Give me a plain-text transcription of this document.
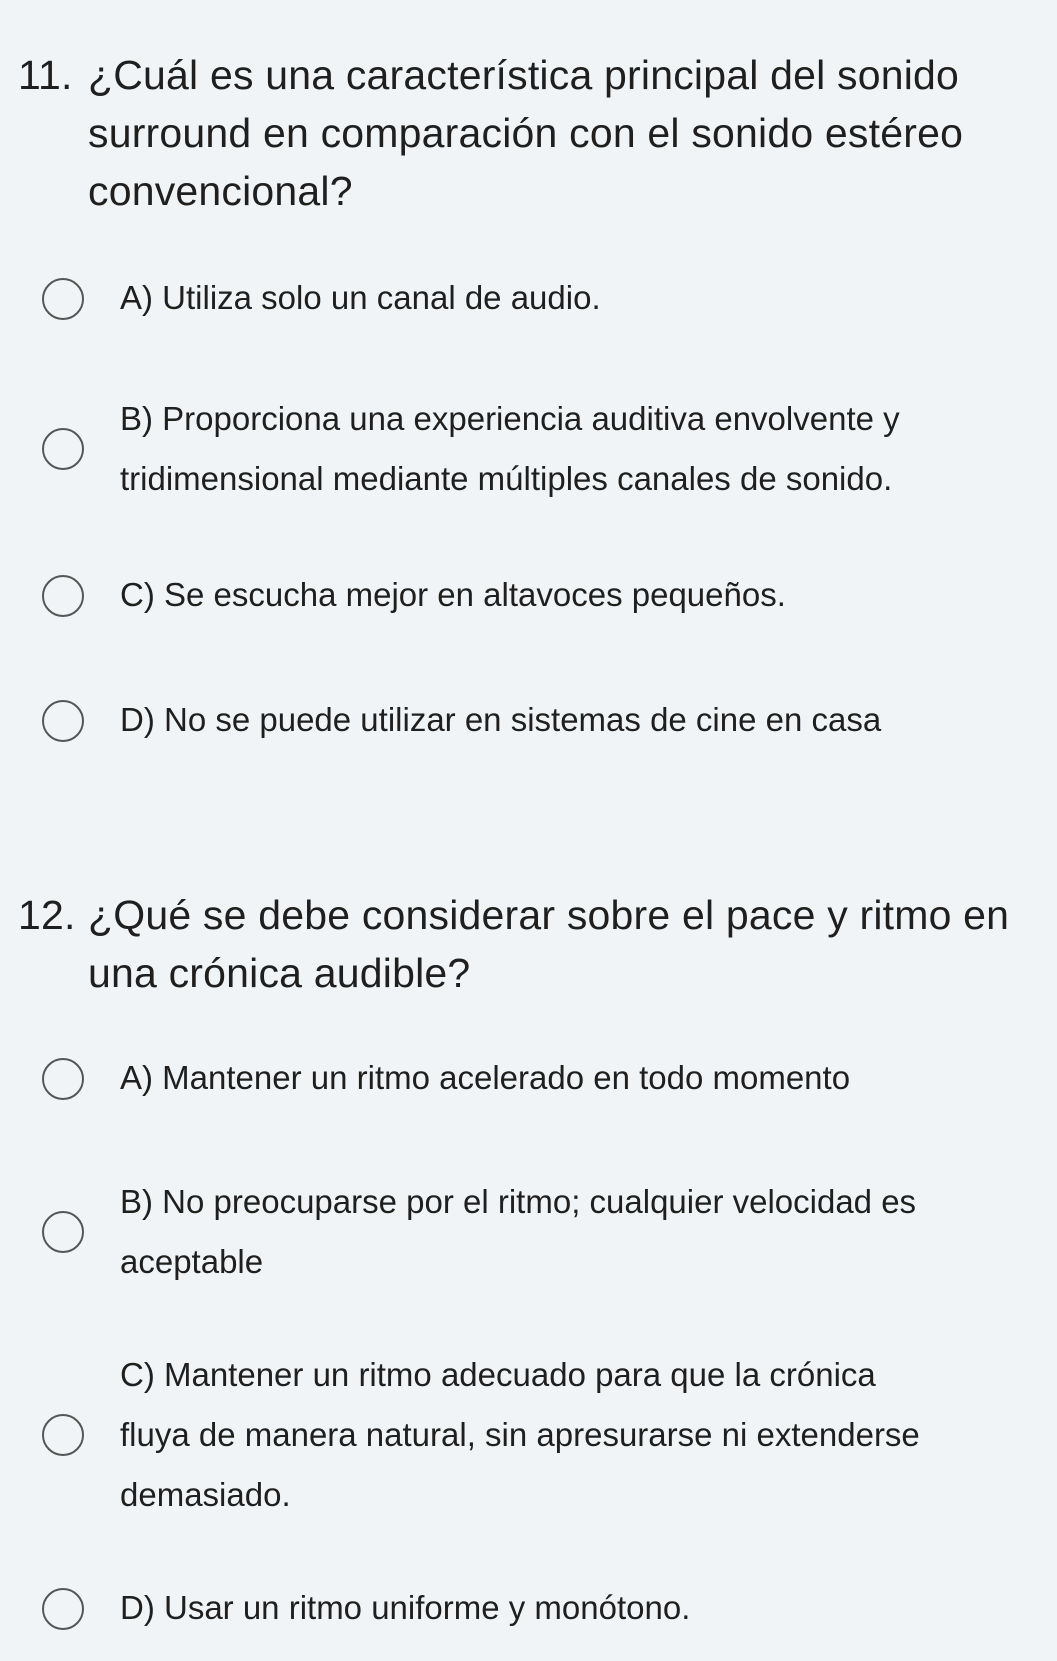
11. ¿Cuál es una característica principal del sonido
surround en comparación con el sonido estéreo
convencional?

A) Utiliza solo un canal de audio.

B) Proporciona una experiencia auditiva envolvente y
tridimensional mediante múltiples canales de sonido.

C) Se escucha mejor en altavoces pequeños.

D) No se puede utilizar en sistemas de cine en casa

12. ¿Qué se debe considerar sobre el pace y ritmo en
una crónica audible?

A) Mantener un ritmo acelerado en todo momento

B) No preocuparse por el ritmo; cualquier velocidad es
aceptable

C) Mantener un ritmo adecuado para que la crónica
fluya de manera natural, sin apresurarse ni extenderse
demasiado.

D) Usar un ritmo uniforme y monótono.
